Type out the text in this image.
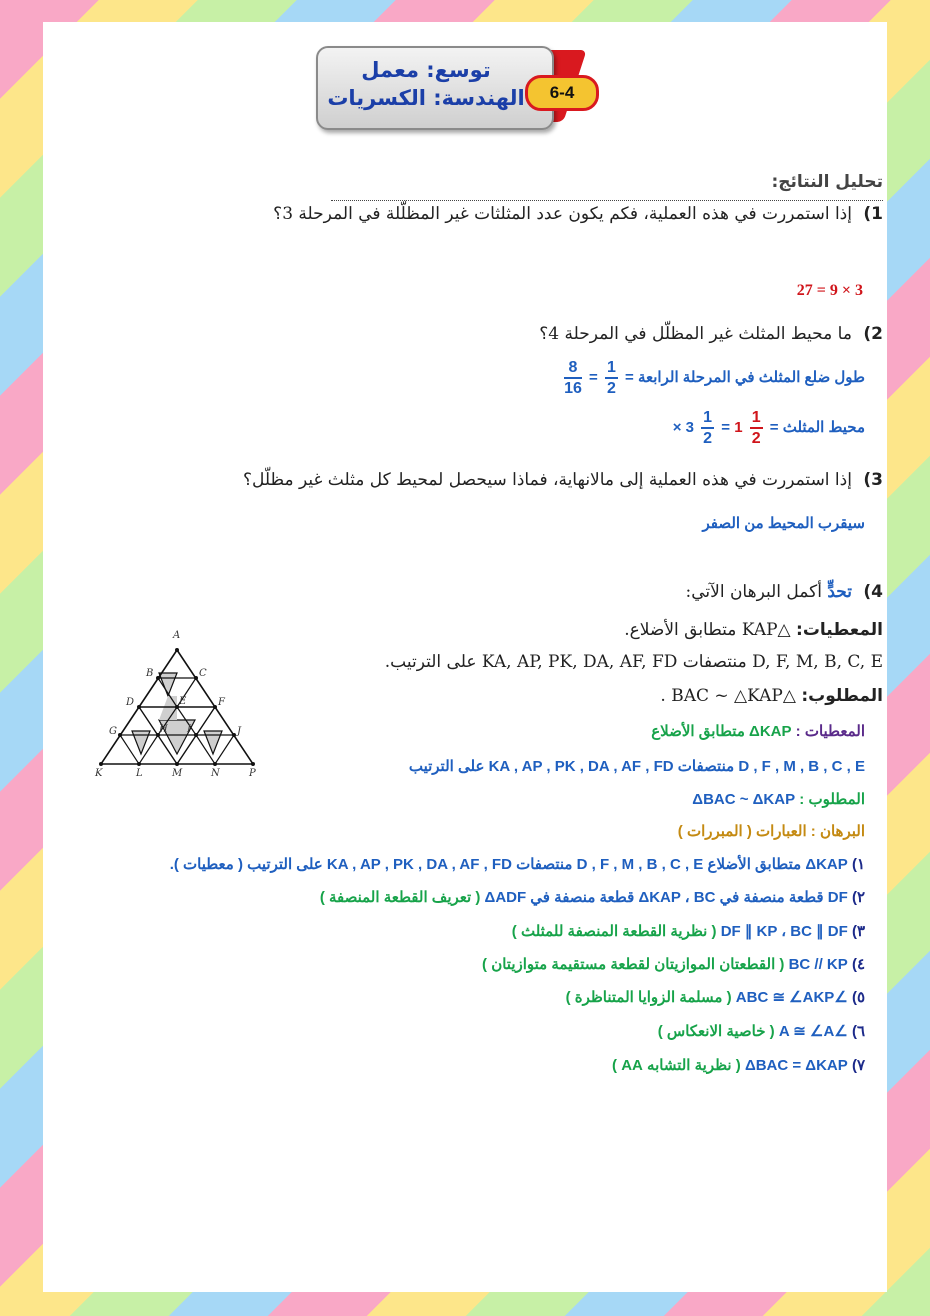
توسع: معمل
الهندسة: الكسريات	6-4
تحليل النتائج:
1) إذا استمررت في هذه العملية، فكم يكون عدد المثلثات غير المظلّلة في المرحلة 3؟
27 = 9 × 3
2) ما محيط المثلث غير المظلّل في المرحلة 4؟
طول ضلع المثلث في المرحلة الرابعة =
$\frac{1}{2}$
=
$\frac{8}{16}$
محيط المثلث =
$\frac{1}{2}$
1 =
$\frac{1}{2}$
3 ×
3) إذا استمررت في هذه العملية إلى مالانهاية، فماذا سيحصل لمحيط كل مثلث غير مظلّل؟
سيقرب المحيط من الصفر
4) تحدٍّ أكمل البرهان الآتي:
المعطيات: △KAP متطابق الأضلاع.
D, F, M, B, C, E منتصفات KA, AP, PK, DA, AF, FD على الترتيب.
المطلوب: △BAC ~ △KAP .
A
B	C
D	E	F
G	H I	J
K	L	M	N	P
المعطيات : ΔKAP متطابق الأضلاع
D , F , M , B , C , E منتصفات KA , AP , PK , DA , AF , FD على الترتيب
المطلوب : ΔBAC ~ ΔKAP
البرهان : العبارات ( المبررات )
١) ΔKAP متطابق الأضلاع D , F , M , B , C , E منتصفات KA , AP , PK , DA , AF , FD على الترتيب ( معطيات ).
٢) DF قطعة منصفة في ΔKAP ، BC قطعة منصفة في ΔADF ( تعريف القطعة المنصفة )
٣) DF ∥ KP ، BC ∥ DF ( نظرية القطعة المنصفة للمثلث )
٤) BC // KP ( القطعتان الموازيتان لقطعة مستقيمة متوازيتان )
٥) ∠ABC ≅ ∠AKP ( مسلمة الزوايا المتناظرة )
٦) ∠A ≅ ∠A ( خاصية الانعكاس )
٧) ΔBAC = ΔKAP ( نظرية التشابه AA )
